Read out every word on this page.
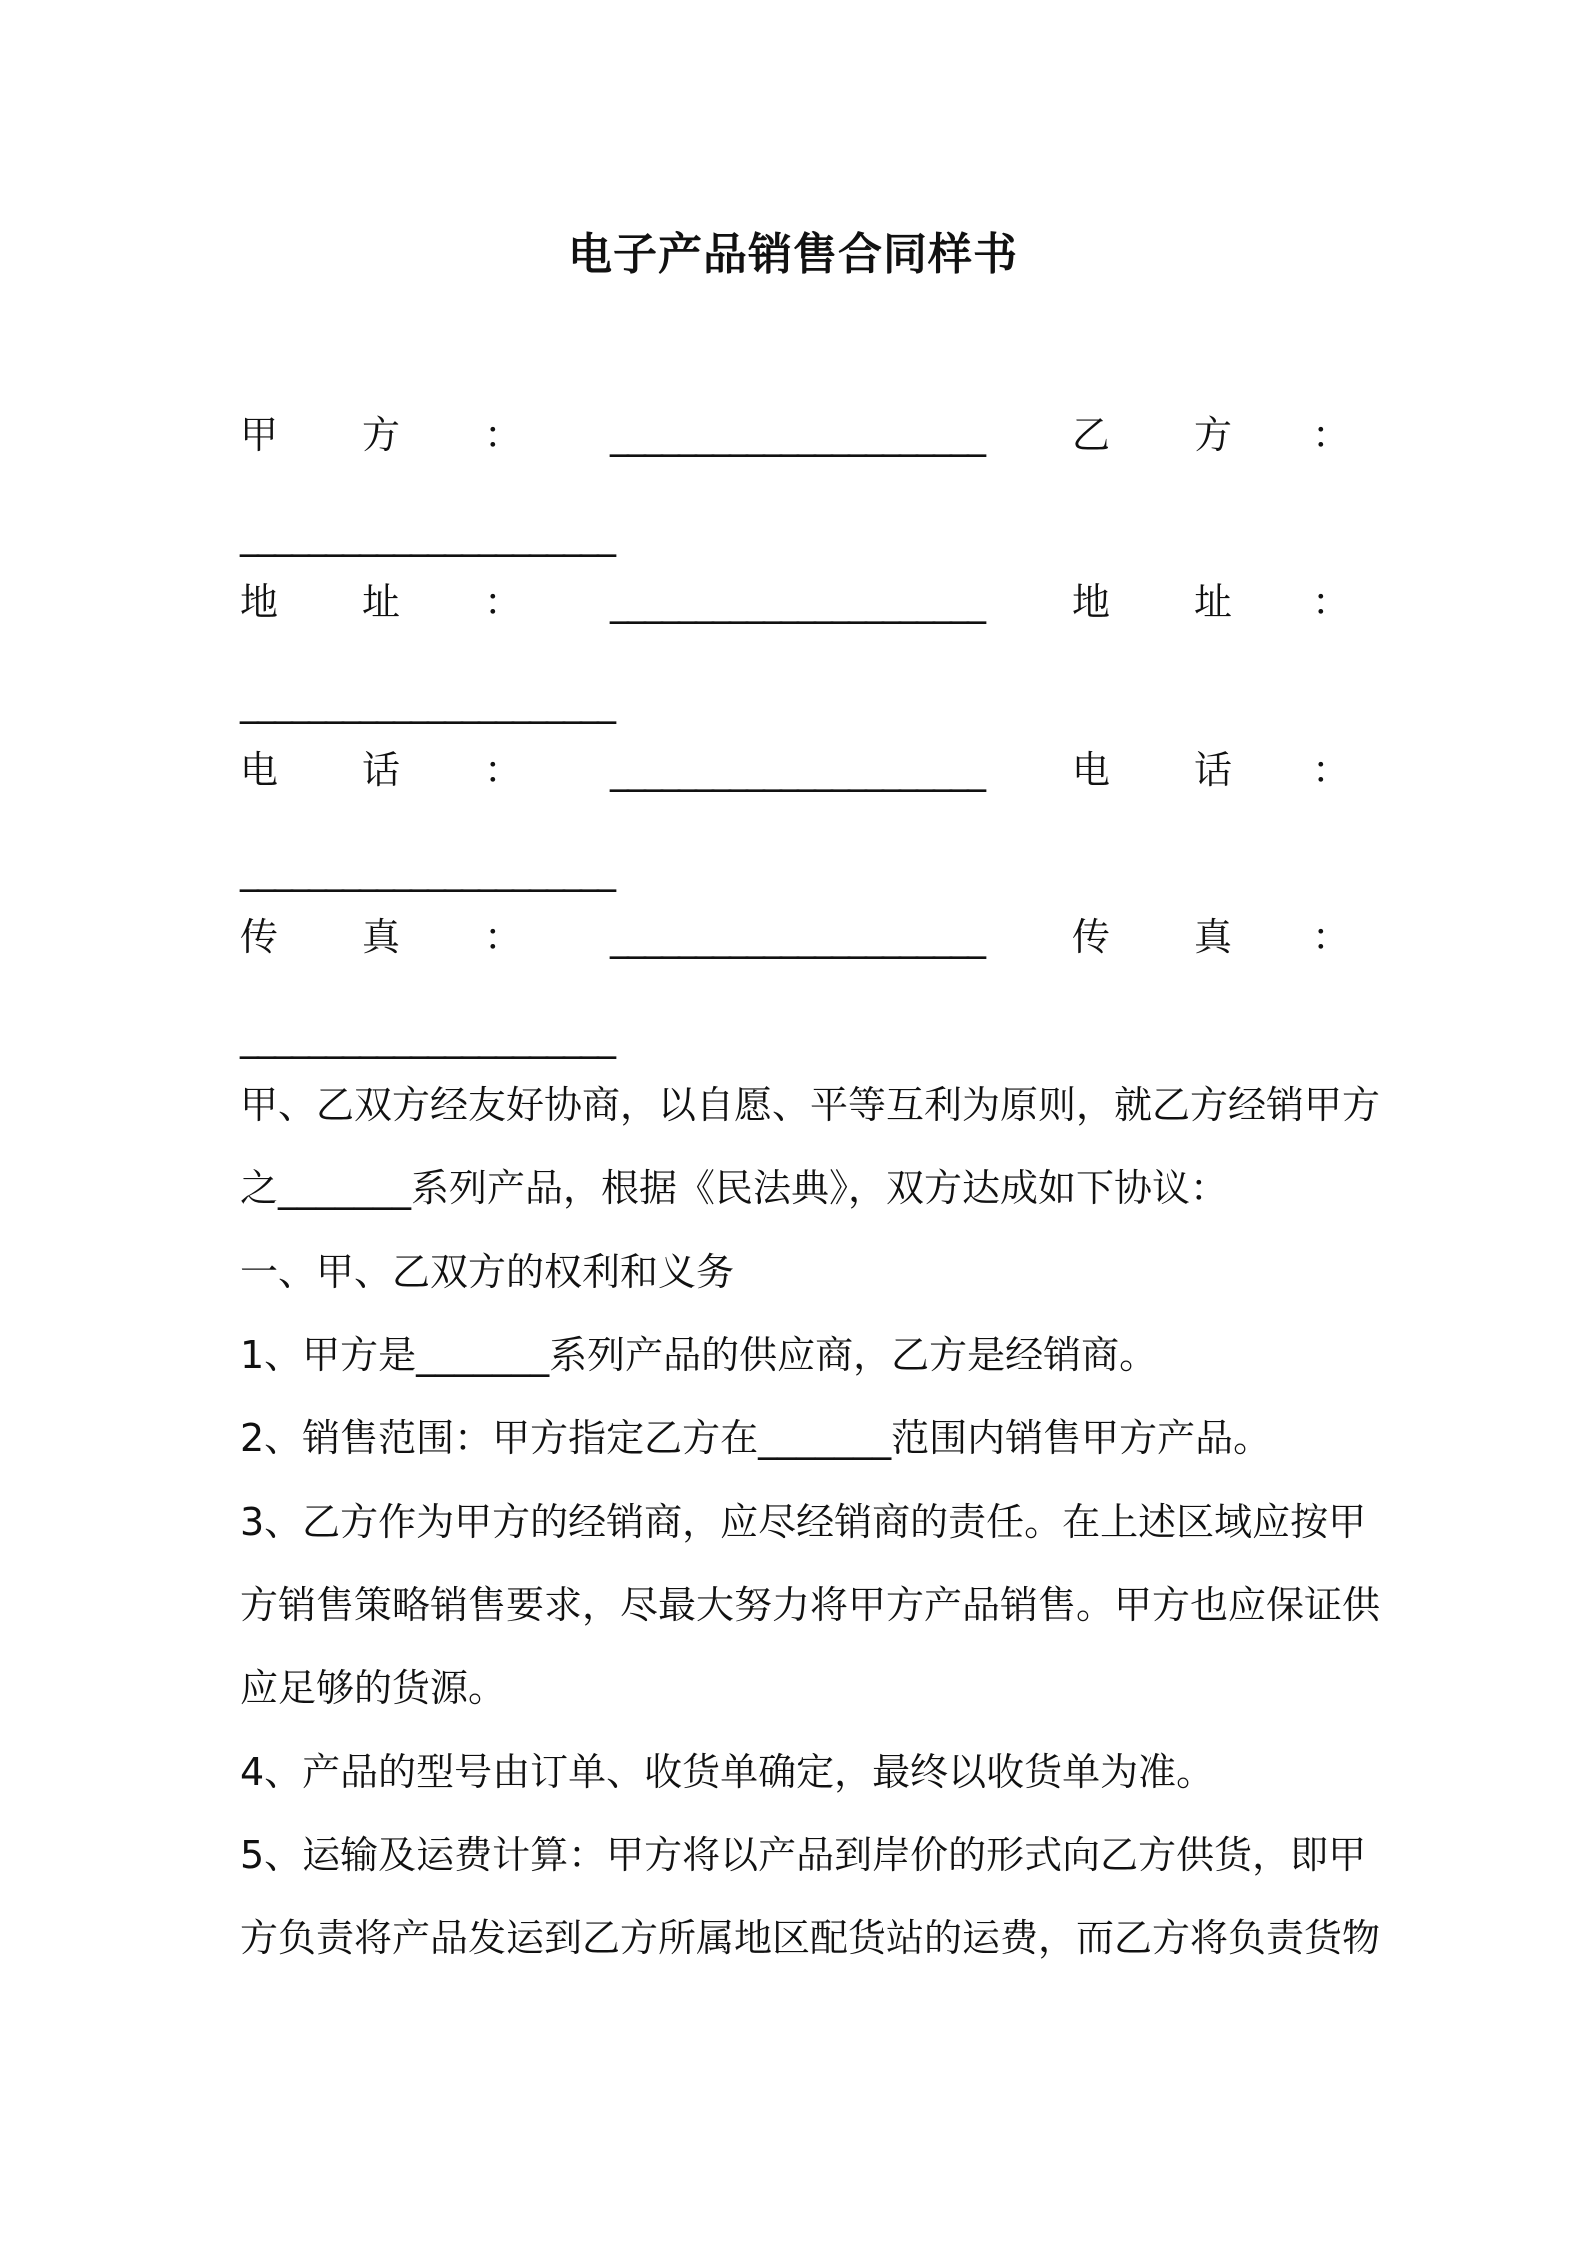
电子产品销售合同样书
甲 方 ： ______________________ 乙 方 ：
______________________
地 址 ： ______________________ 地 址 ：
______________________
电 话 ： ______________________ 电 话 ：
______________________
传 真 ： ______________________ 传 真 ：
______________________
甲、乙双方经友好协商，以自愿、平等互利为原则，就乙方经销甲方
之_______系列产品，根据《民法典》，双方达成如下协议：
一、甲、乙双方的权利和义务
1、甲方是_______系列产品的供应商，乙方是经销商。
2、销售范围：甲方指定乙方在_______范围内销售甲方产品。
3、乙方作为甲方的经销商，应尽经销商的责任。在上述区域应按甲
方销售策略销售要求，尽最大努力将甲方产品销售。甲方也应保证供
应足够的货源。
4、产品的型号由订单、收货单确定，最终以收货单为准。
5、运输及运费计算：甲方将以产品到岸价的形式向乙方供货，即甲
方负责将产品发运到乙方所属地区配货站的运费，而乙方将负责货物
